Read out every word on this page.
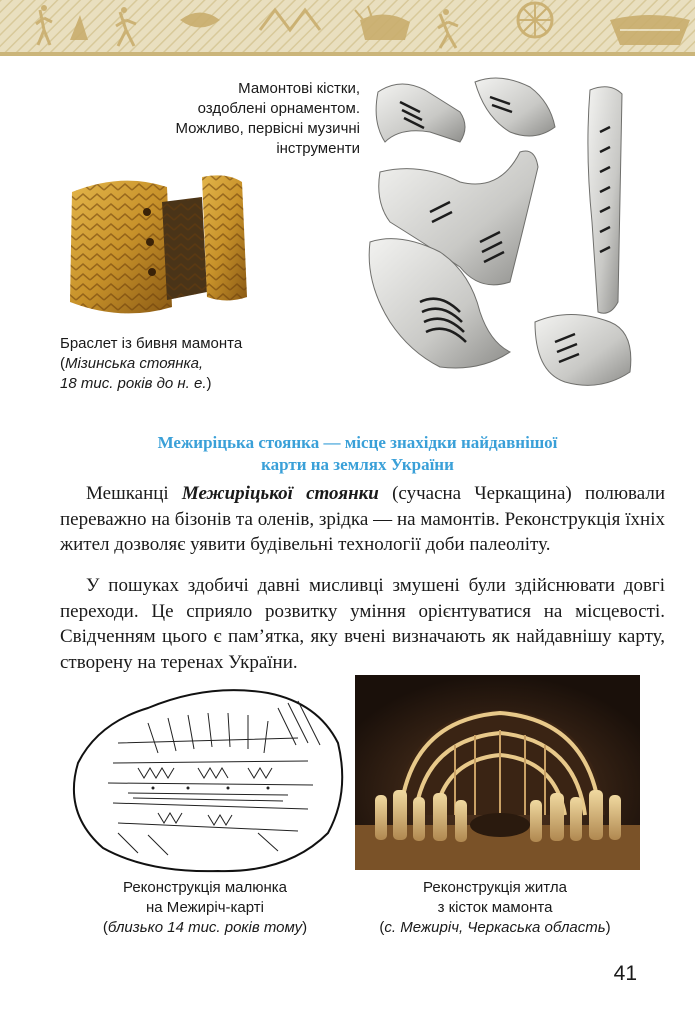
Мамонтові кістки,
оздоблені орнаментом.
Можливо, первісні музичні
інструменти
Браслет із бивня мамонта
(Мізинська стоянка,
18 тис. років до н. е.)
Межиріцька стоянка — місце знахідки найдавнішої
карти на землях України
Мешканці Межиріцької стоянки (сучасна Черкащина) полювали переважно на бізонів та оленів, зрідка — на мамонтів. Реконструкція їхніх жител дозволяє уявити будівельні технології доби палеоліту.
У пошуках здобичі давні мисливці змушені були здійснювати довгі переходи. Це сприяло розвитку уміння орієнтуватися на місцевості. Свідченням цього є пам’ятка, яку вчені визначають як найдавнішу карту, створену на теренах України.
Реконструкція малюнка
на Межиріч-карті
(близько 14 тис. років тому)
Реконструкція житла
з кісток мамонта
(с. Межиріч, Черкаська область)
41
